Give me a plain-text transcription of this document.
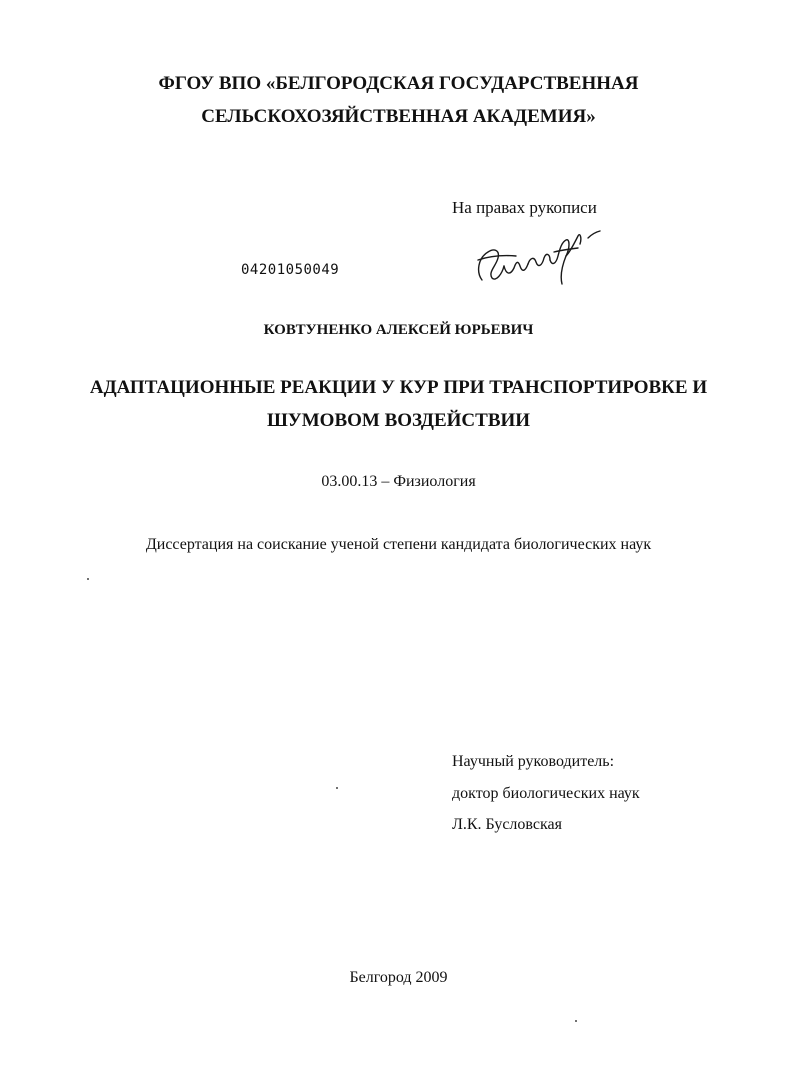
ФГОУ ВПО «БЕЛГОРОДСКАЯ ГОСУДАРСТВЕННАЯ
СЕЛЬСКОХОЗЯЙСТВЕННАЯ АКАДЕМИЯ»
На правах рукописи
04201050049
КОВТУНЕНКО АЛЕКСЕЙ ЮРЬЕВИЧ
АДАПТАЦИОННЫЕ РЕАКЦИИ У КУР ПРИ ТРАНСПОРТИРОВКЕ И
ШУМОВОМ ВОЗДЕЙСТВИИ
03.00.13 – Физиология
Диссертация на соискание ученой степени кандидата биологических наук
Научный руководитель:
доктор биологических наук
Л.К. Бусловская
Белгород 2009
